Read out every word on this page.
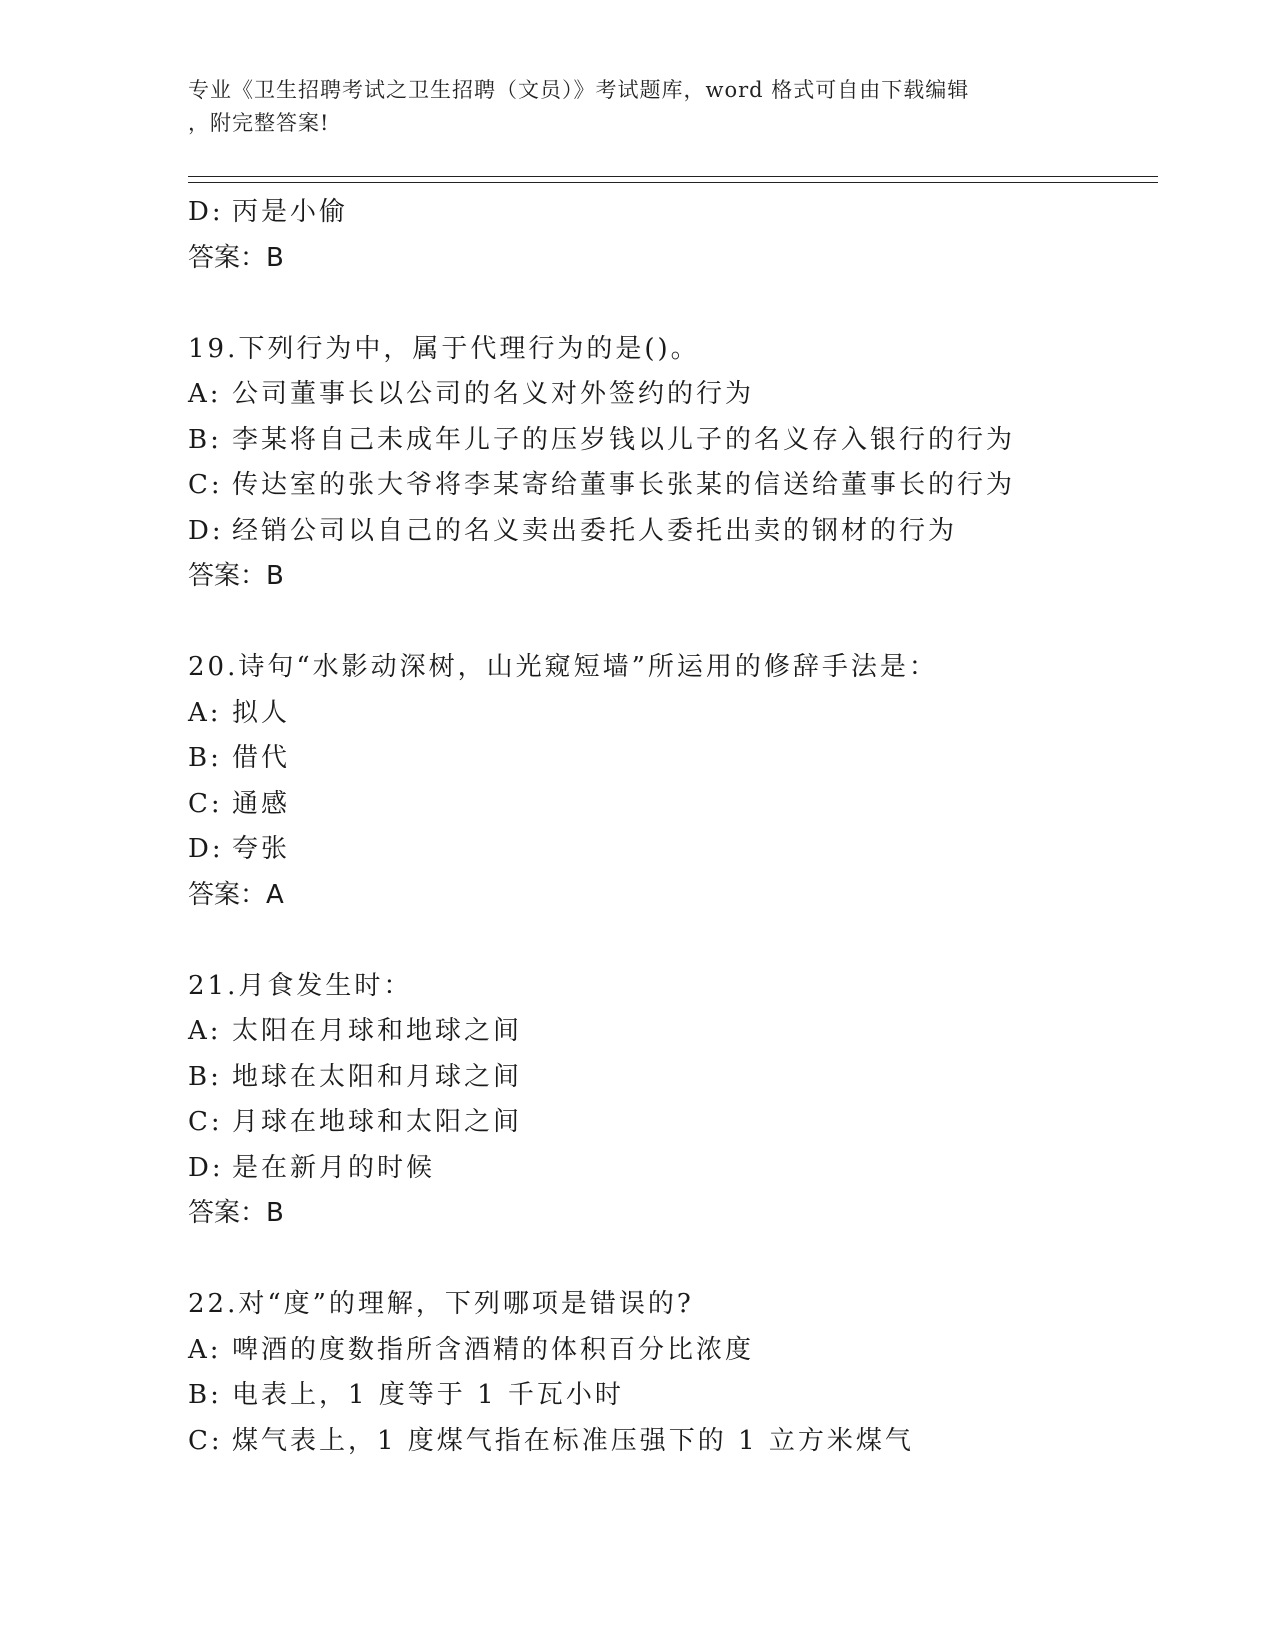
专业《卫生招聘考试之卫生招聘（文员）》考试题库，word 格式可自由下载编辑
，附完整答案!
D: 丙是小偷
答案：B
19.下列行为中，属于代理行为的是()。
A: 公司董事长以公司的名义对外签约的行为
B: 李某将自己未成年儿子的压岁钱以儿子的名义存入银行的行为
C: 传达室的张大爷将李某寄给董事长张某的信送给董事长的行为
D: 经销公司以自己的名义卖出委托人委托出卖的钢材的行为
答案：B
20.诗句“水影动深树，山光窥短墙”所运用的修辞手法是：
A: 拟人
B: 借代
C: 通感
D: 夸张
答案：A
21.月食发生时：
A: 太阳在月球和地球之间
B: 地球在太阳和月球之间
C: 月球在地球和太阳之间
D: 是在新月的时候
答案：B
22.对“度”的理解，下列哪项是错误的?
A: 啤酒的度数指所含酒精的体积百分比浓度
B: 电表上，1 度等于 1 千瓦小时
C: 煤气表上，1 度煤气指在标准压强下的 1 立方米煤气
